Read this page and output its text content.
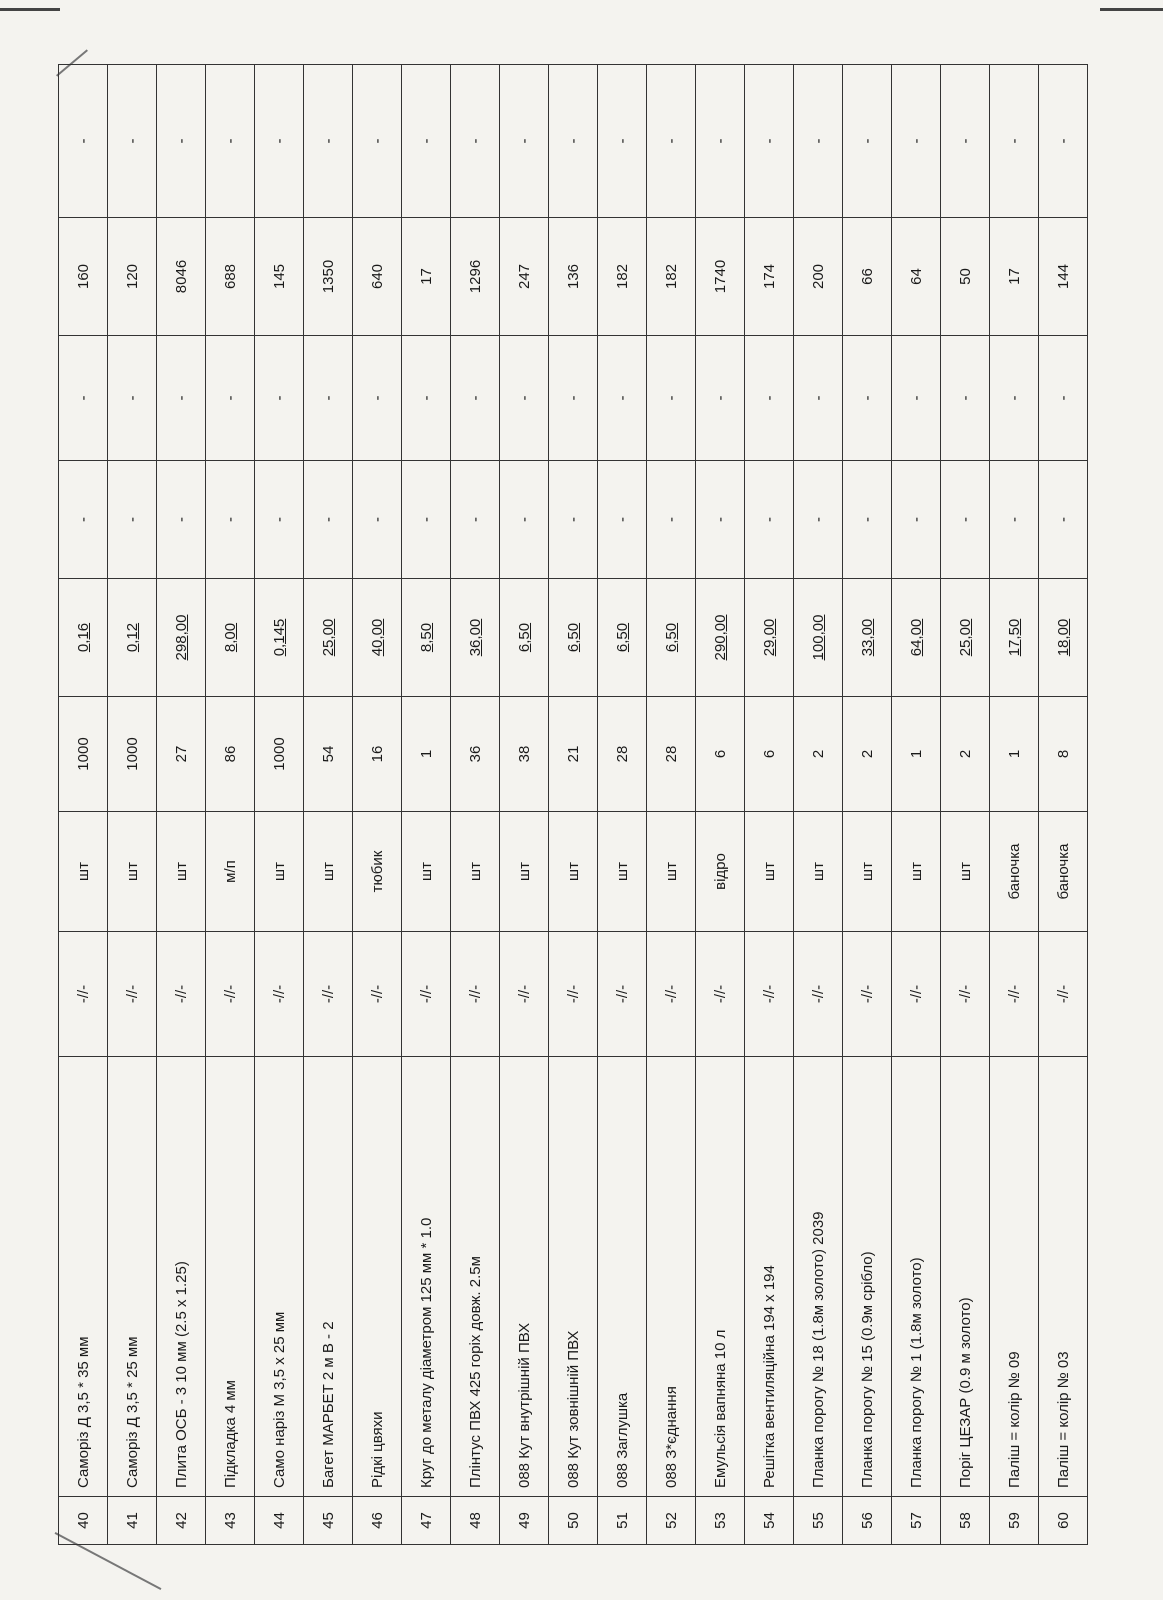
40	Саморіз Д 3,5 * 35 мм	-//-	шт	1000	0,16	-	-	160	-
41	Саморіз Д 3,5 * 25 мм	-//-	шт	1000	0,12	-	-	120	-
42	Плита ОСБ - 3 10 мм (2.5 х 1.25)	-//-	шт	27	298,00	-	-	8046	-
43	Підкладка 4 мм	-//-	м/п	86	8,00	-	-	688	-
44	Само наріз М 3,5 х 25 мм	-//-	шт	1000	0,145	-	-	145	-
45	Багет МАРБЕТ 2 м В - 2	-//-	шт	54	25,00	-	-	1350	-
46	Рідкі цвяхи	-//-	тюбик	16	40,00	-	-	640	-
47	Круг до металу діаметром 125 мм * 1.0	-//-	шт	1	8,50	-	-	17	-
48	Плінтус ПВХ 425 горіх довж. 2.5м	-//-	шт	36	36,00	-	-	1296	-
49	088 Кут внутрішній ПВХ	-//-	шт	38	6,50	-	-	247	-
50	088 Кут зовнішній ПВХ	-//-	шт	21	6,50	-	-	136	-
51	088 Заглушка	-//-	шт	28	6,50	-	-	182	-
52	088 З*єднання	-//-	шт	28	6,50	-	-	182	-
53	Емульсія вапняна 10 л	-//-	відро	6	290,00	-	-	1740	-
54	Решітка вентиляційна 194 х 194	-//-	шт	6	29,00	-	-	174	-
55	Планка порогу № 18 (1.8м золото) 2039	-//-	шт	2	100,00	-	-	200	-
56	Планка порогу № 15 (0.9м срібло)	-//-	шт	2	33,00	-	-	66	-
57	Планка порогу № 1 (1.8м золото)	-//-	шт	1	64,00	-	-	64	-
58	Поріг ЦЕЗАР (0.9 м золото)	-//-	шт	2	25,00	-	-	50	-
59	Паліш = колір № 09	-//-	баночка	1	17,50	-	-	17	-
60	Паліш = колір № 03	-//-	баночка	8	18,00	-	-	144	-
